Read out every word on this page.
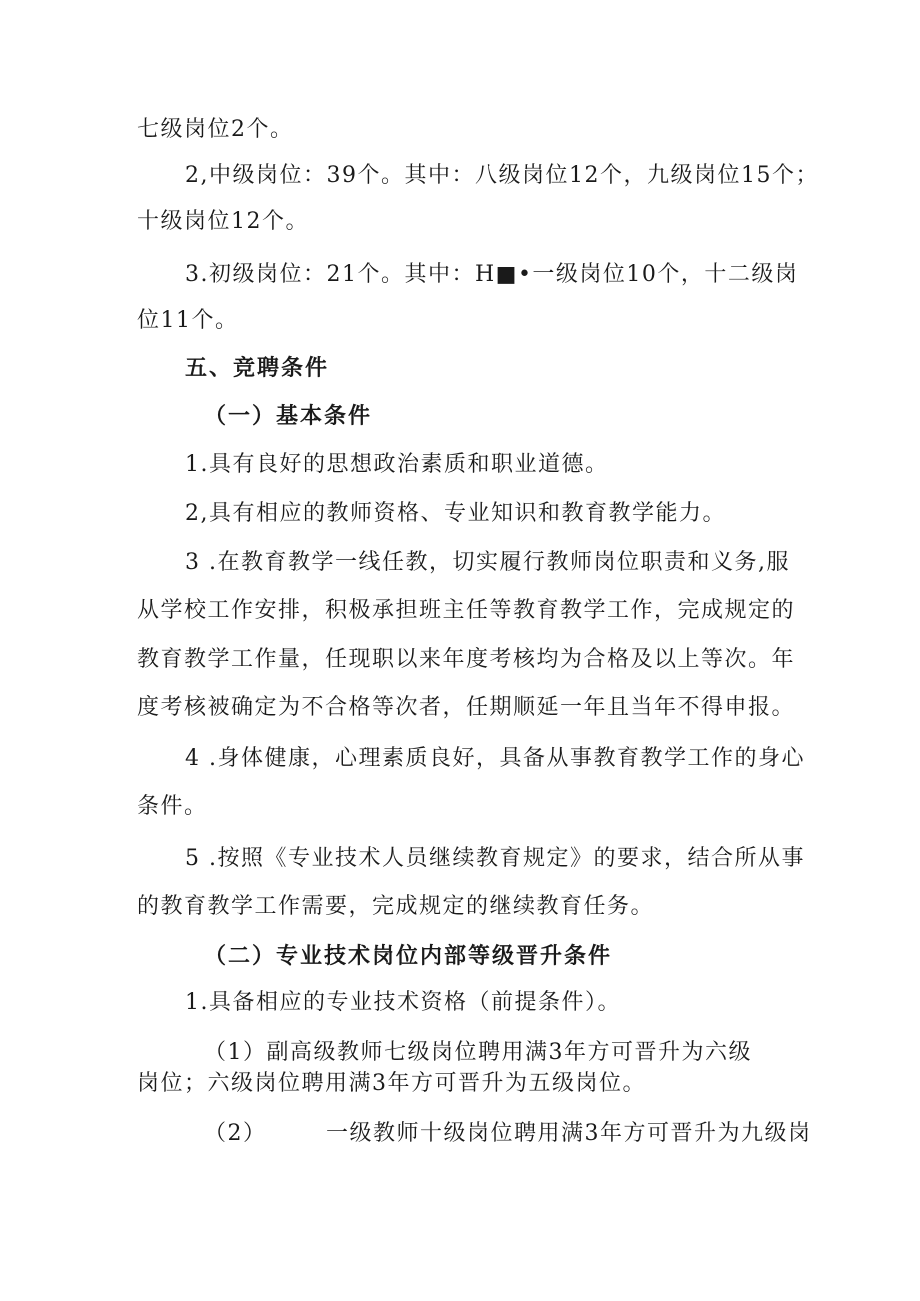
七级岗位2个。
2,中级岗位：39个。其中：八级岗位12个，九级岗位15个；
十级岗位12个。
3.初级岗位：21个。其中：H■•一级岗位10个，十二级岗
位11个。
五、竞聘条件
（一）基本条件
1.具有良好的思想政治素质和职业道德。
2,具有相应的教师资格、专业知识和教育教学能力。
3 .在教育教学一线任教，切实履行教师岗位职责和义务,服
从学校工作安排，积极承担班主任等教育教学工作，完成规定的
教育教学工作量，任现职以来年度考核均为合格及以上等次。年
度考核被确定为不合格等次者，任期顺延一年且当年不得申报。
4 .身体健康，心理素质良好，具备从事教育教学工作的身心
条件。
5 .按照《专业技术人员继续教育规定》的要求，结合所从事
的教育教学工作需要，完成规定的继续教育任务。
（二）专业技术岗位内部等级晋升条件
1.具备相应的专业技术资格（前提条件）。
（1）副高级教师七级岗位聘用满3年方可晋升为六级
岗位；六级岗位聘用满3年方可晋升为五级岗位。
（2）       一级教师十级岗位聘用满3年方可晋升为九级岗
